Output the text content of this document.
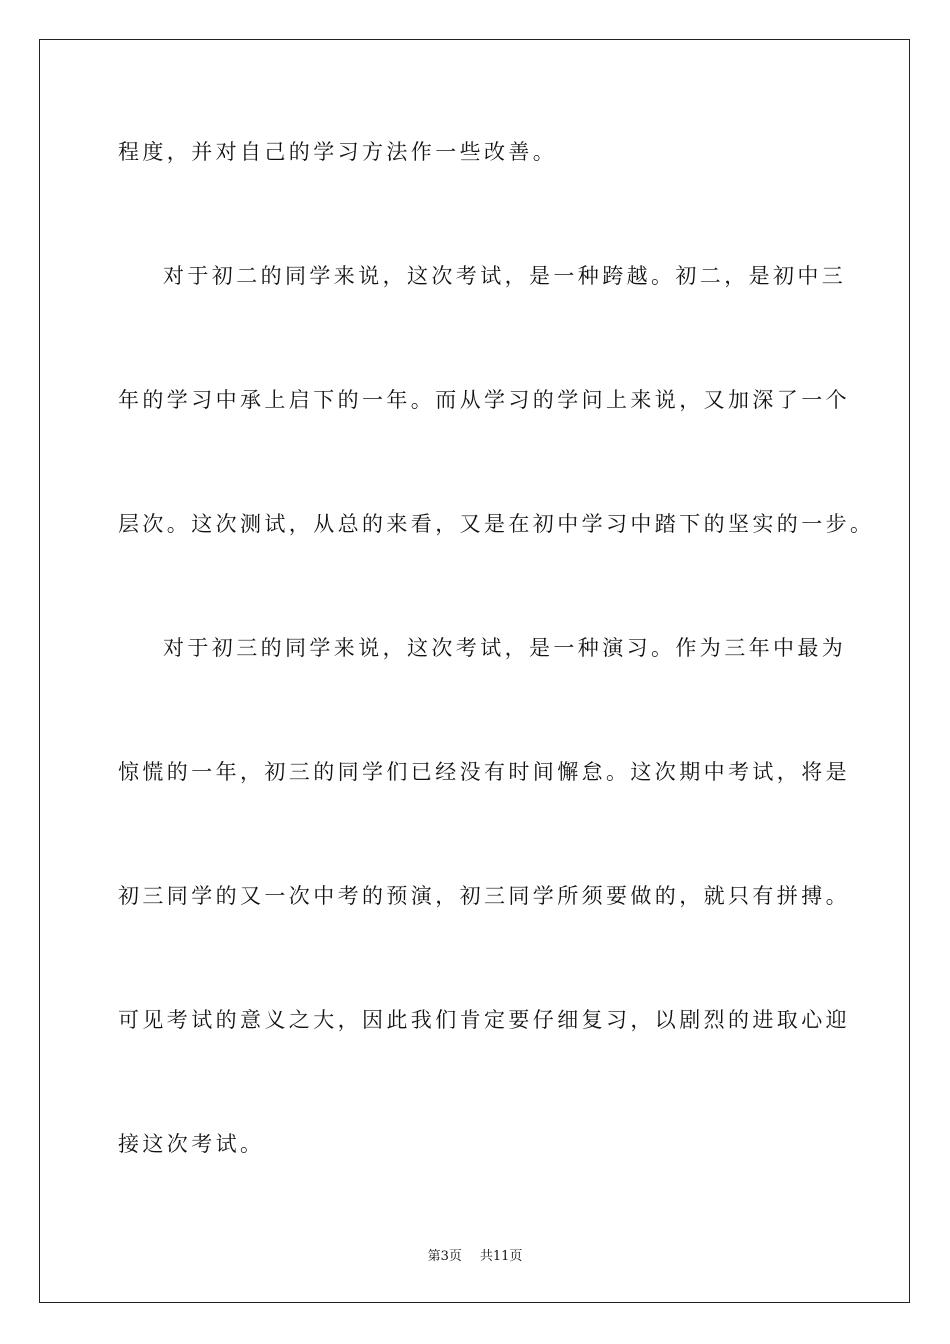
程度，并对自己的学习方法作一些改善。
对于初二的同学来说，这次考试，是一种跨越。初二，是初中三
年的学习中承上启下的一年。而从学习的学问上来说，又加深了一个
层次。这次测试，从总的来看，又是在初中学习中踏下的坚实的一步。
对于初三的同学来说，这次考试，是一种演习。作为三年中最为
惊慌的一年，初三的同学们已经没有时间懈怠。这次期中考试，将是
初三同学的又一次中考的预演，初三同学所须要做的，就只有拼搏。
可见考试的意义之大，因此我们肯定要仔细复习，以剧烈的进取心迎
接这次考试。
第3页 共11页
